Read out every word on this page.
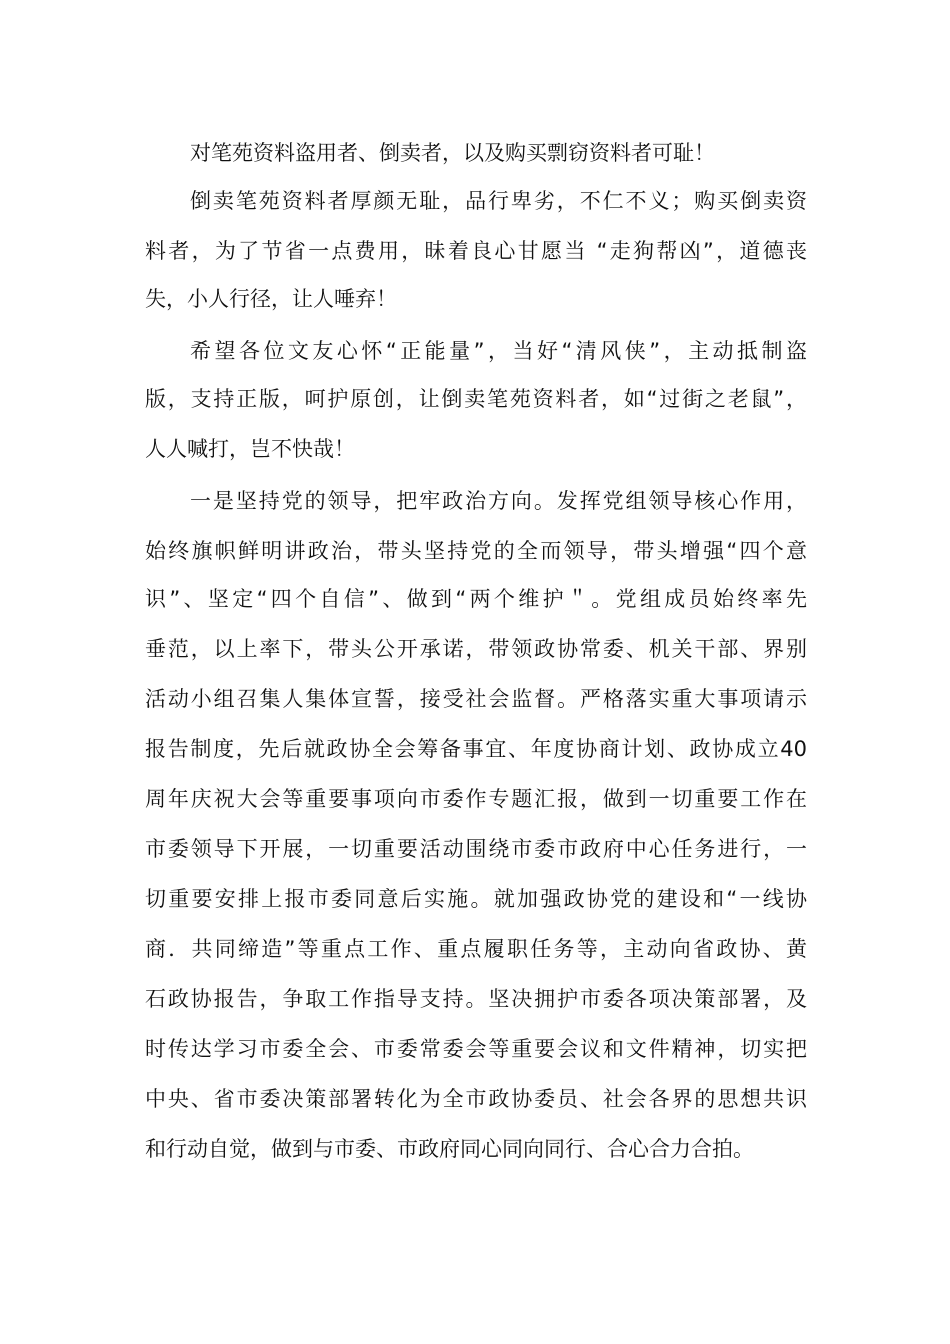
对笔苑资料盗用者、倒卖者，以及购买剽窃资料者可耻！
倒卖笔苑资料者厚颜无耻，品行卑劣，不仁不义；购买倒卖资
料者，为了节省一点费用，昧着良心甘愿当 “走狗帮凶”，道德丧
失，小人行径，让人唾弃！
希望各位文友心怀“正能量”，当好“清风侠”，主动抵制盗
版，支持正版，呵护原创，让倒卖笔苑资料者，如“过街之老鼠”，
人人喊打，岂不快哉！
一是坚持党的领导，把牢政治方向。发挥党组领导核心作用，
始终旗帜鲜明讲政治，带头坚持党的全而领导，带头增强“四个意
识”、坚定“四个自信”、做到“两个维护＂。党组成员始终率先
垂范，以上率下，带头公开承诺，带领政协常委、机关干部、界别
活动小组召集人集体宣誓，接受社会监督。严格落实重大事项请示
报告制度，先后就政协全会筹备事宜、年度协商计划、政协成立40
周年庆祝大会等重要事项向市委作专题汇报，做到一切重要工作在
市委领导下开展，一切重要活动围绕市委市政府中心任务进行，一
切重要安排上报市委同意后实施。就加强政协党的建设和“一线协
商．共同缔造”等重点工作、重点履职任务等，主动向省政协、黄
石政协报告，争取工作指导支持。坚决拥护市委各项决策部署，及
时传达学习市委全会、市委常委会等重要会议和文件精神，切实把
中央、省市委决策部署转化为全市政协委员、社会各界的思想共识
和行动自觉，做到与市委、市政府同心同向同行、合心合力合拍。
